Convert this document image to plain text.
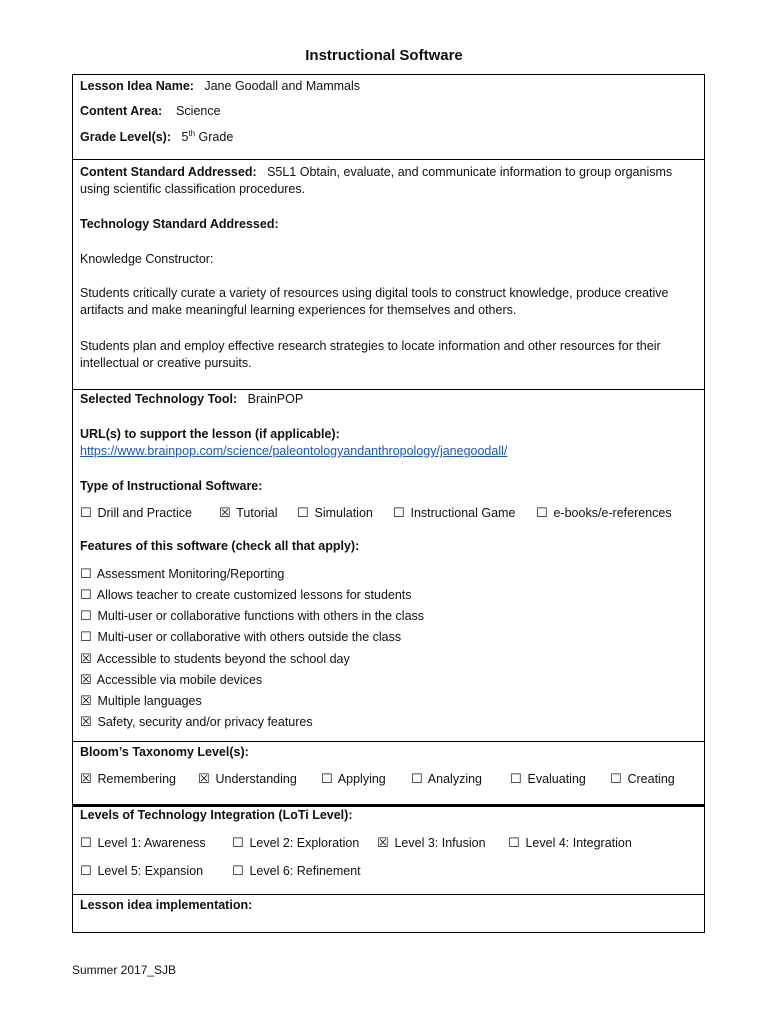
Instructional Software
Lesson Idea Name: Jane Goodall and Mammals
Content Area: Science
Grade Level(s): 5th Grade
Content Standard Addressed: S5L1 Obtain, evaluate, and communicate information to group organisms using scientific classification procedures.
Technology Standard Addressed:
Knowledge Constructor:
Students critically curate a variety of resources using digital tools to construct knowledge, produce creative artifacts and make meaningful learning experiences for themselves and others.
Students plan and employ effective research strategies to locate information and other resources for their intellectual or creative pursuits.
Selected Technology Tool: BrainPOP
URL(s) to support the lesson (if applicable):
https://www.brainpop.com/science/paleontologyandanthropology/janegoodall/
Type of Instructional Software:
☐ Drill and Practice ☒ Tutorial ☐ Simulation ☐ Instructional Game ☐ e-books/e-references
Features of this software (check all that apply):
☐ Assessment Monitoring/Reporting
☐ Allows teacher to create customized lessons for students
☐ Multi-user or collaborative functions with others in the class
☐ Multi-user or collaborative with others outside the class
☒ Accessible to students beyond the school day
☒ Accessible via mobile devices
☒ Multiple languages
☒ Safety, security and/or privacy features
Bloom’s Taxonomy Level(s):
☒ Remembering ☒ Understanding ☐ Applying ☐ Analyzing ☐ Evaluating ☐ Creating
Levels of Technology Integration (LoTi Level):
☐ Level 1: Awareness ☐ Level 2: Exploration ☒ Level 3: Infusion ☐ Level 4: Integration
☐ Level 5: Expansion ☐ Level 6: Refinement
Lesson idea implementation:
Summer 2017_SJB
